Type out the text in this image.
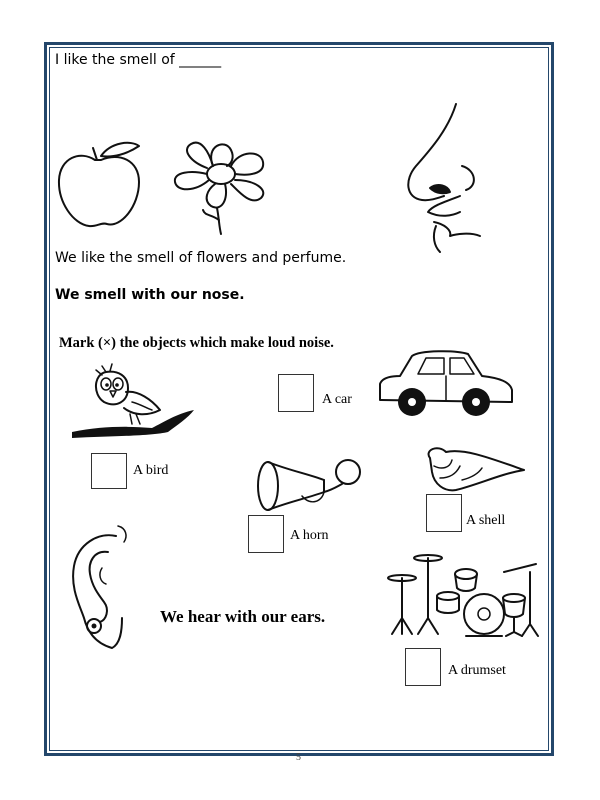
I like the smell of ______
We like the smell of flowers and perfume.
We smell with our nose.
Mark (×) the objects which make loud noise.
A bird
A car
A horn
A shell
We hear with our ears.
A drumset
5
